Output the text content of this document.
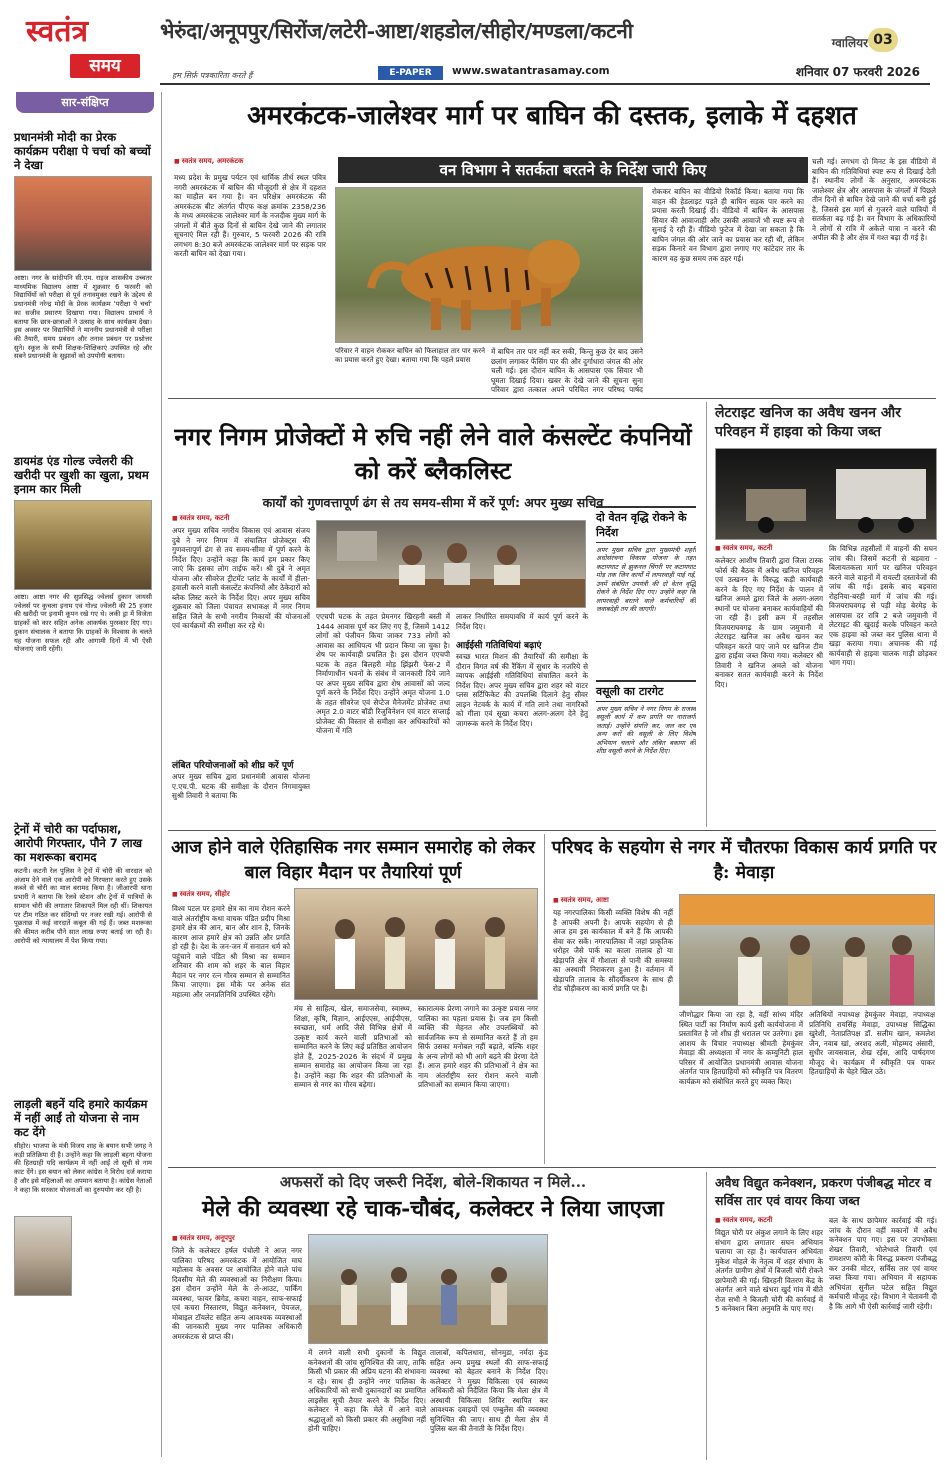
स्वतंत्र
समय
भेरुंदा/अनूपपुर/सिरोंज/लटेरी-आष्टा/शहडोल/सीहोर/मण्डला/कटनी	ग्वालियर 03
हम सिर्फ़ पत्रकारिता करते हैं	E-PAPER	www.swatantrasamay.com	शनिवार 07 फरवरी 2026
सार-संक्षिप्त
प्रधानमंत्री मोदी का प्रेरक कार्यक्रम परीक्षा पे चर्चा को बच्चों ने देखा
आष्टा। नगर के सांदीपनि सी.एम. राइज शासकीय उच्चतर माध्यमिक विद्यालय आष्टा में शुक्रवार 6 फरवरी को विद्यार्थियों को परीक्षा से पूर्व तनावमुक्त रखने के उद्देश्य से प्रधानमंत्री नरेन्द्र मोदी के प्रेरक कार्यक्रम 'परीक्षा पे चर्चा' का सजीव प्रसारण दिखाया गया। विद्यालय प्राचार्य ने बताया कि छात्र-छात्राओं ने उत्साह के साथ कार्यक्रम देखा। इस अवसर पर विद्यार्थियों ने माननीय प्रधानमंत्री से परीक्षा की तैयारी, समय प्रबंधन और तनाव प्रबंधन पर प्रश्नोत्तर सुने। स्कूल के सभी शिक्षक-शिक्षिकाएं उपस्थित रहे और सबने प्रधानमंत्री के सुझावों को उपयोगी बताया।
डायमंड एंड गोल्ड ज्वेलरी की खरीदी पर खुशी का खुला, प्रथम इनाम कार मिली
आष्टा। आष्टा नगर की सुप्रसिद्ध ज्वेलर्स दुकान जायसी ज्वेलर्स पर कुचला इनाम एवं गोल्ड ज्वेलरी की 25 हजार की खरीदी पर इनामी कूपन रखे गए थे। लकी ड्रा में विजेता ग्राहकों को कार सहित अनेक आकर्षक पुरस्कार दिए गए। दुकान संचालक ने बताया कि ग्राहकों के विश्वास के चलते यह योजना सफल रही और आगामी दिनों में भी ऐसी योजनाएं जारी रहेंगी।
ट्रेनों में चोरी का पर्दाफाश, आरोपी गिरफ्तार, पौने 7 लाख का मशरूका बरामद
कटनी। कटनी रेल पुलिस ने ट्रेनों में चोरी की वारदात को अंजाम देने वाले एक आरोपी को गिरफ्तार करते हुए उसके कब्जे से चोरी का माल बरामद किया है। जीआरपी थाना प्रभारी ने बताया कि रेलवे स्टेशन और ट्रेनों में यात्रियों के सामान चोरी की लगातार शिकायतें मिल रही थीं। शिकायत पर टीम गठित कर संदिग्धों पर नजर रखी गई। आरोपी से पूछताछ में कई वारदातें कबूल की गई हैं। जब्त मशरूका की कीमत करीब पौने सात लाख रुपए बताई जा रही है। आरोपी को न्यायालय में पेश किया गया।
लाड़ली बहनें यदि हमारे कार्यक्रम में नहीं आईं तो योजना से नाम कट देंगे
सीहोर। भाजपा के मंत्री विजय शाह के बयान सभी जगह ने कड़ी प्रतिक्रिया दी है। उन्होंने कहा कि लाड़ली बहना योजना की हितग्राही यदि कार्यक्रम में नहीं आईं तो सूची से नाम काट देंगे। इस बयान को लेकर कांग्रेस ने विरोध दर्ज कराया है और इसे महिलाओं का अपमान बताया है। कांग्रेस नेताओं ने कहा कि सरकार योजनाओं का दुरुपयोग कर रही है।
अमरकंटक-जालेश्वर मार्ग पर बाघिन की दस्तक, इलाके में दहशत
वन विभाग ने सतर्कता बरतने के निर्देश जारी किए
■ स्वतंत्र समय, अमरकंटक
मध्य प्रदेश के प्रमुख पर्यटन एवं धार्मिक तीर्थ स्थल पवित्र नगरी अमरकंटक में बाघिन की मौजूदगी से क्षेत्र में दहशत का माहौल बन गया है। वन परिक्षेत्र अमरकंटक की अमरकंटक बीट अंतर्गत पीएफ कक्ष क्रमांक 2358/236 के मध्य अमरकंटक जालेश्वर मार्ग के नजदीक मुख्य मार्ग के जंगलों में बीते कुछ दिनों से बाघिन देखे जाने की लगातार सूचनाएं मिल रही हैं। गुरुवार, 5 फरवरी 2026 की रात्रि लगभग 8:30 बजे अमरकंटक जालेश्वर मार्ग पर सड़क पार करती बाघिन को देखा गया।
परिवार ने वाहन रोककर बाघिन को फिलाहाल तार पार करने का प्रयास करते हुए देखा। बताया गया कि पहले प्रयास
में बाघिन तार पार नहीं कर सकी, किन्तु कुछ देर बाद उसने छलांग लगाकर फेंसिंग पार की और दुर्गाधारा जंगल की ओर चली गई। इस दौरान बाघिन के आसपास एक सियार भी घूमता दिखाई दिया। खबर के देखे जाने की सूचना सुना परिवार द्वारा तत्काल अपने परिचित नगर परिषद पार्षद
रोककर बाघिन का वीडियो रिकॉर्ड किया। बताया गया कि वाहन की हेडलाइट पड़ते ही बाघिन सड़क पार करने का प्रयास करती दिखाई दी। वीडियो में बाघिन के आसपास सियार की आवाजाही और उसकी आवाजें भी स्पष्ट रूप से सुनाई दे रही हैं। वीडियो फुटेज में देखा जा सकता है कि बाघिन जंगल की ओर जाने का प्रयास कर रही थी, लेकिन सड़क किनारे वन विभाग द्वारा लगाए गए कांटेदार तार के कारण वह कुछ समय तक ठहर गई।
चली गई। लगभग दो मिनट के इस वीडियो में बाघिन की गतिविधियां स्पष्ट रूप से दिखाई देती हैं। स्थानीय लोगों के अनुसार, अमरकंटक जालेश्वर क्षेत्र और आसपास के जंगलों में पिछले तीन दिनों से बाघिन देखे जाने की चर्चा बनी हुई है, जिससे इस मार्ग से गुजरने वाले यात्रियों में सतर्कता बढ़ गई है। वन विभाग के अधिकारियों ने लोगों से रात्रि में अकेले यात्रा न करने की अपील की है और क्षेत्र में गश्त बढ़ा दी गई है।
नगर निगम प्रोजेक्टों मे रुचि नहीं लेने वाले कंसल्टेंट कंपनियों को करें ब्लैकलिस्ट
कार्यों को गुणवत्तापूर्ण ढंग से तय समय-सीमा में करें पूर्ण: अपर मुख्य सचिव
■ स्वतंत्र समय, कटनी
अपर मुख्य सचिव नगरीय विकास एवं आवास संजय दुबे ने नगर निगम में संचालित प्रोजेक्ट्स की गुणवत्तापूर्ण ढंग से तय समय-सीमा में पूर्ण करने के निर्देश दिए। उन्होंने कहा कि कार्य हम प्रकार किए जाएं कि इसका लोग ताईफ करें। श्री दुबे ने अमृत योजना और सीवरेज ट्रीटमेंट प्लांट के कार्यों में हीला-हवाली करने वाली कंसल्टेंट कंपनियों और ठेकेदारों को ब्लैक लिस्ट करने के निर्देश दिए। अपर मुख्य सचिव शुक्रवार को जिला पंचायत सभाकक्ष में नगर निगम सहित जिले के सभी नगरीय निकायों की योजनाओं एवं कार्यक्रमों की समीक्षा कर रहे थे।
लंबित परियोजनाओं को शीघ्र करें पूर्ण
अपर मुख्य सचिव द्वारा प्रधानमंत्री आवास योजना ए.एच.पी. घटक की समीक्षा के दौरान निगमायुक्त सुश्री तिवारी ने बताया कि
एएचपी घटक के तहत प्रेमनगर खिरहनी बस्ती में 1444 आवास पूर्ण कर लिए गए हैं, जिसमें 1412 लोगों को पंजीयन किया जाकर 733 लोगों को आवास का आधिपत्य भी प्रदान किया जा चुका है। शेष पर कार्यवाही प्रचलित है। इस दौरान एएचपी घटक के तहत बिलहरी मोड़ झिंझरी फेस-2 में निर्माणाधीन भवनों के संबंध में जानकारी दिये जाने पर अपर मुख्य सचिव द्वारा शेष आवासों को जल्द पूर्ण करने के निर्देश दिए। उन्होंने अमृत योजना 1.0 के तहत सीवरेज एवं सेप्टेज मैनेजमेंट प्रोजेक्ट तथा अमृत 2.0 वाटर बॉडी रिजुविनेशन एवं वाटर सप्लाई प्रोजेक्ट की विस्तार से समीक्षा कर अधिकारियों को योजना में गति
लाकर निर्धारित समयावधि में कार्य पूर्ण करने के निर्देश दिए।
आईईसी गतिविधियां बढ़ाएं
स्वच्छ भारत मिशन की तैयारियों की समीक्षा के दौरान विगत वर्ष की रैंकिंग में सुधार के नजरिये से व्यापक आईईसी गतिविधियां संचालित करने के निर्देश दिए। अपर मुख्य सचिव द्वारा शहर को वाटर प्लस सर्टिफिकेट की उपलब्धि दिलाने हेतु सीवर लाइन नेटवर्क के कार्य में गति लाने तथा नागरिकों को गीला एवं सूखा कचरा अलग-अलग देने हेतु जागरूक करने के निर्देश दिए।
दो वेतन वृद्धि रोकने के निर्देश
अपर मुख्य सचिव द्वारा मुख्यमंत्री शहरी अधोसंरचना विकास योजना के तहत कटायघाट से झुकनल चिंगरी पर कटायघाट मोड़ तक जिन कार्यों में लापरवाही पाई गई, उनमें संबंधित उपयंत्री की दो वेतन वृद्धि रोकने के निर्देश दिए गए। उन्होंने कहा कि लापरवाही बरतने वाले कर्मचारियों की जवाबदेही तय की जाएगी।
वसूली का टारगेट
अपर मुख्य सचिव ने नगर निगम के राजस्व वसूली कार्य में कम प्रगति पर नाराजगी जताई। उन्होंने संपत्ति कर, जल कर एवं अन्य करों की वसूली के लिए विशेष अभियान चलाने और लंबित बकाया की शीघ्र वसूली करने के निर्देश दिए।
लेटराइट खनिज का अवैध खनन और परिवहन में हाइवा को किया जब्त
■ स्वतंत्र समय, कटनी
कलेक्टर आशीष तिवारी द्वारा जिला टास्क फोर्स की बैठक में अवैध खनिज परिवहन एवं उत्खनन के विरुद्ध कड़ी कार्यवाही करने के दिए गए निर्देश के पालन में खनिज अमले द्वारा जिले के अलग-अलग स्थानों पर योजना बनाकर कार्यवाहियों की जा रही हैं। इसी क्रम में तहसील विजयराघवगढ़ के ग्राम जमुवानी में लेटराइट खनिज का अवैध खनन कर परिवहन करते पाए जाने पर खनिज टीम द्वारा हाईवा जब्त किया गया। कलेक्टर श्री तिवारी ने खनिज अमले को योजना बनाकर सतत कार्यवाही करने के निर्देश दिए।
कि विभिन्न तहसीलों में वाहनों की सघन जांच की। जिसमें कटनी से बड़वारा - बिलायतकला मार्ग पर खनिज परिवहन करने वाले वाहनों में रायल्टी दस्तावेजों की जांच की गई। इसके बाद बड़वारा रोहनिया-बरही मार्ग में जांच की गई। विजयराघवगढ़ से पड़ी मोड़ बेरमेड़ के आसपास दर रात्रि 2 बजे जमुवानी में लेटराइट की खुदाई करके परिवहन करते एक हाइवा को जब्त कर पुलिस थाना में खड़ा कराया गया। अचानक की गई कार्यवाही से हाइवा चालक गाड़ी छोड़कर भाग गया।
आज होने वाले ऐतिहासिक नगर सम्मान समारोह को लेकर बाल विहार मैदान पर तैयारियां पूर्ण
■ स्वतंत्र समय, सीहोर
विश्व पटल पर हमारे क्षेत्र का नाम रोशन करने वाले अंतर्राष्ट्रीय कथा वाचक पंडित प्रदीप मिश्रा हमारे क्षेत्र की आन, बान और शान है, जिनके कारण आज हमारे क्षेत्र को उन्नति और प्रगति हो रही है। देश के जन-जन में सनातन धर्म को पहुंचाने वाले पंडित श्री मिश्रा का सम्मान शनिवार की शाम को शहर के बाल विहार मैदान पर नगर रत्न गौरव सम्मान से सम्मानित किया जाएगा। इस मौके पर अनेक संत महात्मा और जनप्रतिनिधि उपस्थित रहेंगे।
मंच से साहित्य, खेल, समाजसेवा, स्वास्थ्य, शिक्षा, कृषि, विज्ञान, आईएएस, आईपीएस, स्वच्छता, धर्म आदि जैसे विभिन्न क्षेत्रों में उत्कृष्ट कार्य करने वाली प्रतिभाओं को सम्मानित करने के लिए कई प्रतिष्ठित आयोजन होते हैं, 2025-2026 के संदर्भ में प्रमुख सम्मान समारोह का आयोजन किया जा रहा है। उन्होंने कहा कि शहर की प्रतिभाओं के सम्मान से नगर का गौरव बढ़ेगा।
स्कारात्मक प्रेरणा जगाने का उत्कृष्ट प्रयास नगर पालिका का पहला प्रयास है। जब हम किसी व्यक्ति की मेहनत और उपलब्धियों को सार्वजनिक रूप से सम्मानित करते हैं तो हम सिर्फ उसका मनोबल नहीं बढ़ाते, बल्कि शहर के अन्य लोगों को भी आगे बढ़ने की प्रेरणा देते हैं। आज हमारे शहर की प्रतिभाओं ने क्षेत्र का नाम अंतर्राष्ट्रीय स्तर रोशन करने वाली प्रतिभाओं का सम्मान किया जाएगा।
परिषद के सहयोग से नगर में चौतरफा विकास कार्य प्रगति पर है: मेवाड़ा
■ स्वतंत्र समय, आष्टा
यह नगरपालिका किसी व्यक्ति विशेष की नहीं है आपकी अपनी है। आपके सहयोग से ही आज हम इस कार्यकाल में बने हैं कि आपकी सेवा कर सकें। नगरपालिका में जहां प्राकृतिक धरोहर जैसे पार्क का काला तालाब हो या खेड़ापति क्षेत्र में गौशाला से पानी की समस्या का अस्थायी निराकरण हुआ है। वर्तमान में खेड़ापति तालाब के सौंदर्यीकरण के साथ ही रोड चौड़ीकरण का कार्य प्रगति पर है।
जीणोद्धार किया जा रहा है, वहीं सांध्य मंदिर स्थित पार्टी का निर्माण कार्य इसी कार्ययोजना में प्रस्तावित है जो शीघ्र ही धरातल पर उतरेगा। इस आशय के विचार नपाध्यक्ष श्रीमती हेमकुंवर मेवाड़ा की अध्यक्षता में नगर के कम्युनिटी हाल परिसर में आयोजित प्रधानमंत्री आवास योजना अंतर्गत पात्र हितग्राहियों को स्वीकृति पत्र वितरण कार्यक्रम को संबोधित करते हुए व्यक्त किए।
अतिथियों नपाध्यक्ष हेमकुंवर मेवाड़ा, नपाध्यक्ष प्रतिनिधि रायसिंह मेवाड़ा, उपाध्यक्ष सिद्धिका खुरेशी, नेताप्रतिपक्ष डॉ. सलीम खान, कमलेश जैन, नवाब खां, अरशद अली, मोहम्मद अंसारी, सुधीर जायसवाल, शेख रईस, आदि पार्षदगण मौजूद थे। कार्यक्रम में स्वीकृति पत्र पाकर हितग्राहियों के चेहरे खिल उठे।
अफसरों को दिए जरूरी निर्देश, बोले-शिकायत न मिले...
मेले की व्यवस्था रहे चाक-चौबंद, कलेक्टर ने लिया जाएजा
■ स्वतंत्र समय, अनूपपुर
जिले के कलेक्टर हर्षल पंचोली ने आज नगर पालिका परिषद अमरकंटक में आयोजित माघ महोत्सव के अवसर पर आयोजित होने वाले पांच दिवसीय मेले की व्यवस्थाओं का निरीक्षण किया। इस दौरान उन्होंने मेले के ले-आउट, पार्किंग व्यवस्था, फायर ब्रिगेड, कचरा वाहन, साफ-सफाई एवं कचरा निस्तारण, विद्युत कनेक्शन, पेयजल, मोबाइल टॉयलेट सहित अन्य आवश्यक व्यवस्थाओं की जानकारी मुख्य नगर पालिका अधिकारी अमरकंटक से प्राप्त की।
में लगने वाली सभी दुकानों के विद्युत कनेक्शनों की जांच सुनिश्चित की जाए, ताकि किसी भी प्रकार की अप्रिय घटना की संभावना न रहे। साथ ही उन्होंने नगर पालिका के अधिकारियों को सभी दुकानदारों का प्रमाणित लाइसेंस सूची तैयार करने के निर्देश दिए। कलेक्टर ने कहा कि मेले में आने वाले श्रद्धालुओं को किसी प्रकार की असुविधा नहीं होनी चाहिए।
तालाबों, कपिलधारा, सोनमुडा, नर्मदा कुंड सहित अन्य प्रमुख स्थलों की साफ-सफाई व्यवस्था को बेहतर बनाने के निर्देश दिए। कलेक्टर ने मुख्य चिकित्सा एवं स्वास्थ्य अधिकारी को निर्देशित किया कि मेला क्षेत्र में अस्थायी चिकित्सा शिविर स्थापित कर आवश्यक दवाइयों एवं एम्बुलेंस की व्यवस्था सुनिश्चित की जाए। साथ ही मेला क्षेत्र में पुलिस बल की तैनाती के निर्देश दिए।
अवैध विद्युत कनेक्शन, प्रकरण पंजीबद्ध मोटर व सर्विस तार एवं वायर किया जब्त
■ स्वतंत्र समय, कटनी
विद्युत चोरी पर अंकुश लगाने के लिए शहर संभाग द्वारा लगातार सघन अभियान चलाया जा रहा है। कार्यपालन अभियंता मुकेश मोहले के नेतृत्व में शहर संभाग के अंतर्गत ग्रामीण क्षेत्रों में बिजली चोरी रोकने छापेमारी की गई। खिरहनी वितरण केंद्र के अंतर्गत आने वाले खंभरा खुर्द गांव में बीते रोज सभी ने बिजली चोरी की कार्रवाई में 5 कनेक्शन बिना अनुमति के पाए गए।
बल के साथ छापेमार कार्रवाई की गई। जांच के दौरान वहीं मकानों में अवैध कनेक्शन पाए गए। इस पर उपभोक्ता शेखर तिवारी, भोलेभाले तिवारी एवं रामशरण कोरी के विरुद्ध प्रकरण पंजीबद्ध कर उनकी मोटर, सर्विस तार एवं वायर जब्त किया गया। अभियान में सहायक अभियंता सुनील पटेल सहित विद्युत कर्मचारी मौजूद रहे। विभाग ने चेतावनी दी है कि आगे भी ऐसी कार्रवाई जारी रहेगी।
